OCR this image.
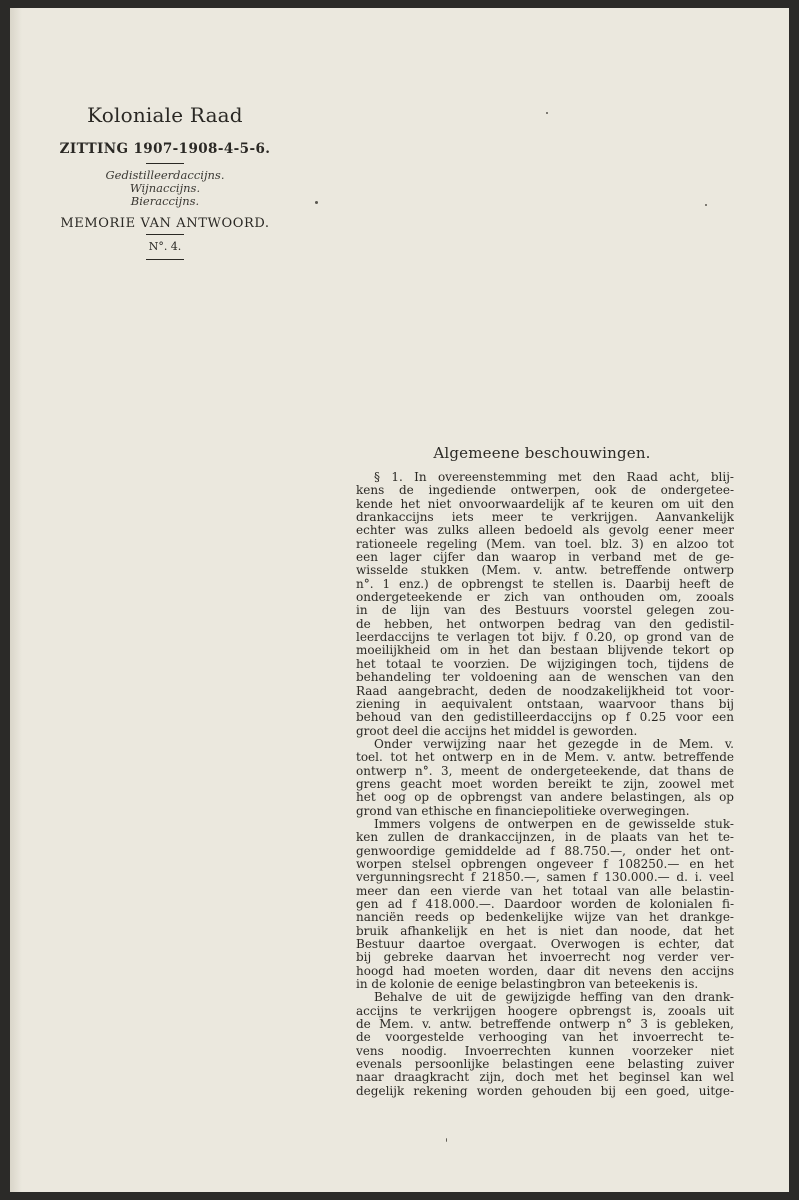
Koloniale Raad

ZITTING 1907-1908-4-5-6.

Gedistilleerdaccijns.
Wijnaccijns.
Bieraccijns.

MEMORIE VAN ANTWOORD.

N°. 4.
Algemeene beschouwingen.
§ 1. In overeenstemming met den Raad acht, blij-
kens de ingediende ontwerpen, ook de ondergetee-
kende het niet onvoorwaardelijk af te keuren om uit den
drankaccijns iets meer te verkrijgen. Aanvankelijk
echter was zulks alleen bedoeld als gevolg eener meer
rationeele regeling (Mem. van toel. blz. 3) en alzoo tot
een lager cijfer dan waarop in verband met de ge-
wisselde stukken (Mem. v. antw. betreffende ontwerp
n°. 1 enz.) de opbrengst te stellen is. Daarbij heeft de
ondergeteekende er zich van onthouden om, zooals
in de lijn van des Bestuurs voorstel gelegen zou-
de hebben, het ontworpen bedrag van den gedistil-
leerdaccijns te verlagen tot bijv. f 0.20, op grond van de
moeilijkheid om in het dan bestaan blijvende tekort op
het totaal te voorzien. De wijzigingen toch, tijdens de
behandeling ter voldoening aan de wenschen van den
Raad aangebracht, deden de noodzakelijkheid tot voor-
ziening in aequivalent ontstaan, waarvoor thans bij
behoud van den gedistilleerdaccijns op f 0.25 voor een
groot deel die accijns het middel is geworden.
Onder verwijzing naar het gezegde in de Mem. v.
toel. tot het ontwerp en in de Mem. v. antw. betreffende
ontwerp n°. 3, meent de ondergeteekende, dat thans de
grens geacht moet worden bereikt te zijn, zoowel met
het oog op de opbrengst van andere belastingen, als op
grond van ethische en financiepolitieke overwegingen.
Immers volgens de ontwerpen en de gewisselde stuk-
ken zullen de drankaccijnzen, in de plaats van het te-
genwoordige gemiddelde ad f 88.750.—, onder het ont-
worpen stelsel opbrengen ongeveer f 108250.— en het
vergunningsrecht f 21850.—, samen f 130.000.— d. i. veel
meer dan een vierde van het totaal van alle belastin-
gen ad f 418.000.—. Daardoor worden de kolonialen fi-
nanciën reeds op bedenkelijke wijze van het drankge-
bruik afhankelijk en het is niet dan noode, dat het
Bestuur daartoe overgaat. Overwogen is echter, dat
bij gebreke daarvan het invoerrecht nog verder ver-
hoogd had moeten worden, daar dit nevens den accijns
in de kolonie de eenige belastingbron van beteekenis is.
Behalve de uit de gewijzigde heffing van den drank-
accijns te verkrijgen hoogere opbrengst is, zooals uit
de Mem. v. antw. betreffende ontwerp n° 3 is gebleken,
de voorgestelde verhooging van het invoerrecht te-
vens noodig. Invoerrechten kunnen voorzeker niet
evenals persoonlijke belastingen eene belasting zuiver
naar draagkracht zijn, doch met het beginsel kan wel
degelijk rekening worden gehouden bij een goed, uitge-
